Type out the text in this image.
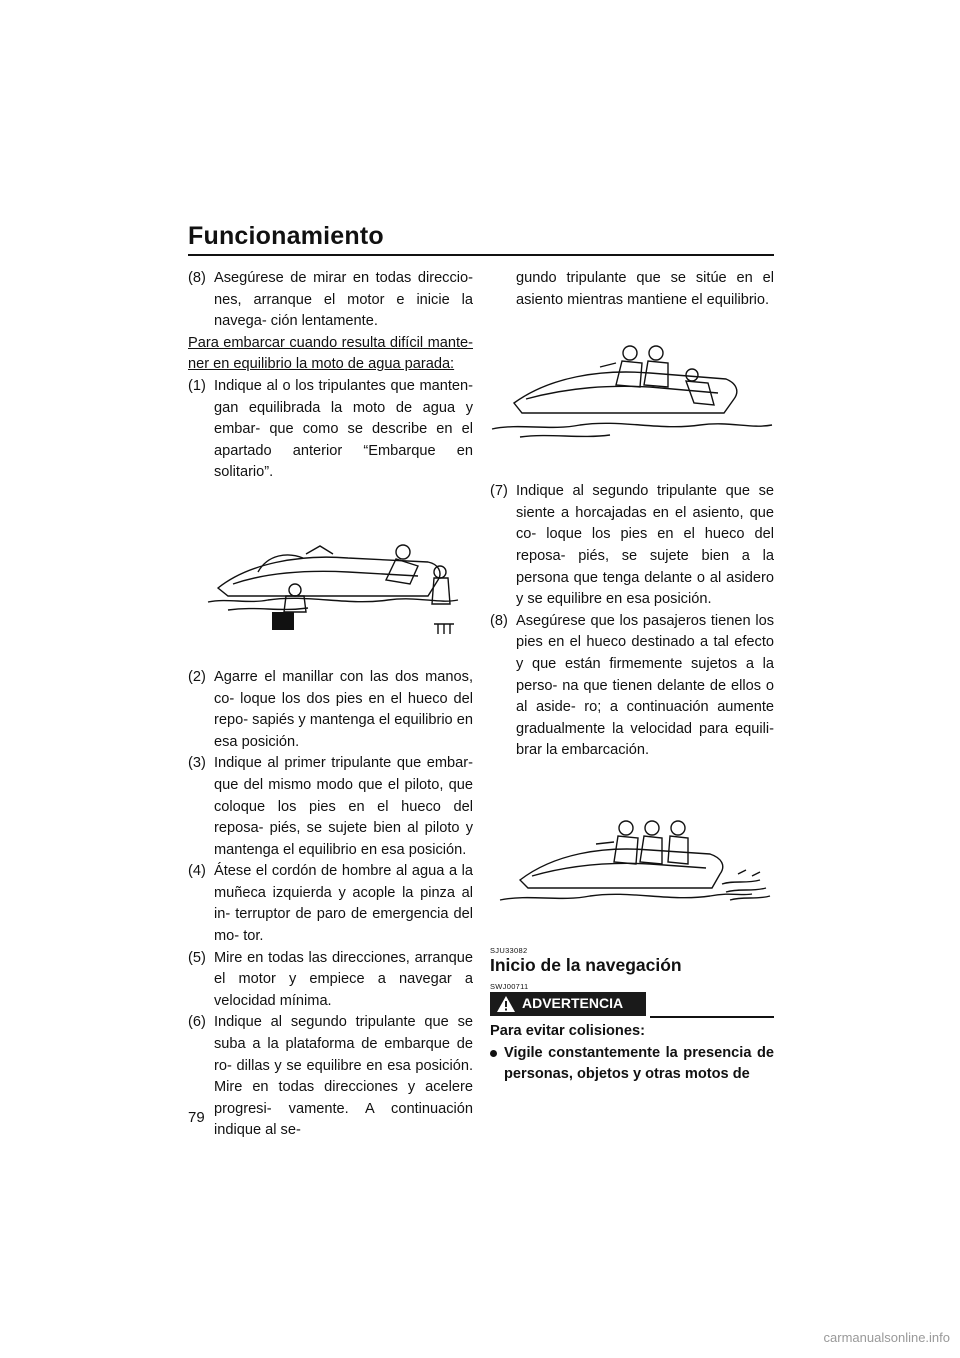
Funcionamiento
(8) Asegúrese de mirar en todas direccio- nes, arranque el motor e inicie la navega- ción lentamente.
Para embarcar cuando resulta difícil mante- ner en equilibrio la moto de agua parada:
(1) Indique al o los tripulantes que manten- gan equilibrada la moto de agua y embar- que como se describe en el apartado anterior “Embarque en solitario”.
(2) Agarre el manillar con las dos manos, co- loque los dos pies en el hueco del repo- sapiés y mantenga el equilibrio en esa posición.
(3) Indique al primer tripulante que embar- que del mismo modo que el piloto, que coloque los pies en el hueco del reposa- piés, se sujete bien al piloto y mantenga el equilibrio en esa posición.
(4) Átese el cordón de hombre al agua a la muñeca izquierda y acople la pinza al in- terruptor de paro de emergencia del mo- tor.
(5) Mire en todas las direcciones, arranque el motor y empiece a navegar a velocidad mínima.
(6) Indique al segundo tripulante que se suba a la plataforma de embarque de ro- dillas y se equilibre en esa posición. Mire en todas direcciones y acelere progresi- vamente. A continuación indique al se-
gundo tripulante que se sitúe en el asiento mientras mantiene el equilibrio.
(7) Indique al segundo tripulante que se siente a horcajadas en el asiento, que co- loque los pies en el hueco del reposa- piés, se sujete bien a la persona que tenga delante o al asidero y se equilibre en esa posición.
(8) Asegúrese que los pasajeros tienen los pies en el hueco destinado a tal efecto y que están firmemente sujetos a la perso- na que tienen delante de ellos o al aside- ro; a continuación aumente gradualmente la velocidad para equili- brar la embarcación.
SJU33082
Inicio de la navegación
SWJ00711
ADVERTENCIA
Para evitar colisiones:
Vigile constantemente la presencia de personas, objetos y otras motos de
79
carmanualsonline.info
